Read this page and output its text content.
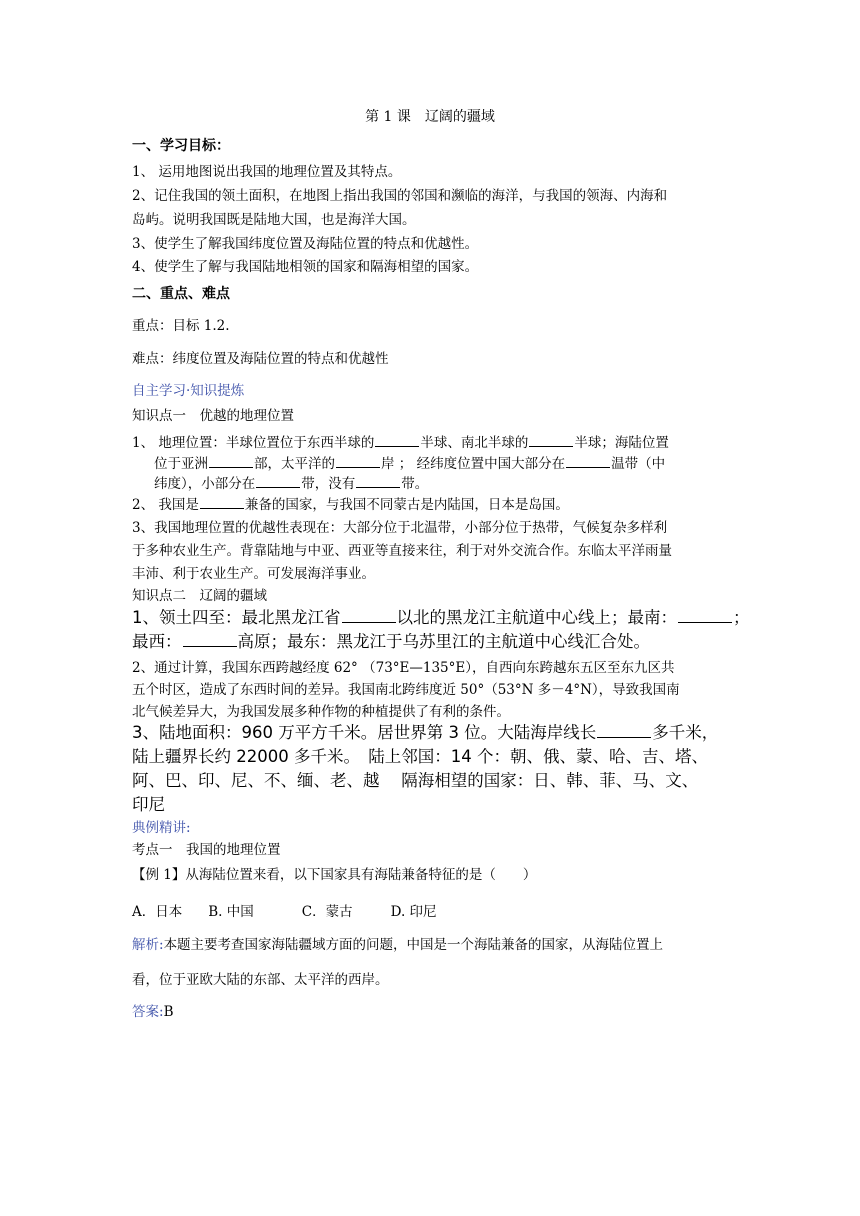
第 1 课　辽阔的疆域
一、学习目标：
1、 运用地图说出我国的地理位置及其特点。
2、记住我国的领土面积，在地图上指出我国的邻国和濒临的海洋，与我国的领海、内海和
岛屿。说明我国既是陆地大国，也是海洋大国。
3、使学生了解我国纬度位置及海陆位置的特点和优越性。
4、使学生了解与我国陆地相领的国家和隔海相望的国家。
二、重点、难点
重点：目标 1.2.
难点：纬度位置及海陆位置的特点和优越性
自主学习·知识提炼
知识点一　优越的地理位置
1、 地理位置：半球位置位于东西半球的	半球、南北半球的	半球；海陆位置
位于亚洲	部，太平洋的	岸 ； 经纬度位置中国大部分在	温带（中
纬度），小部分在	带，没有	带。
2、 我国是	兼备的国家，与我国不同蒙古是内陆国，日本是岛国。
3、我国地理位置的优越性表现在：大部分位于北温带，小部分位于热带，气候复杂多样利
于多种农业生产。背靠陆地与中亚、西亚等直接来往，利于对外交流合作。东临太平洋雨量
丰沛、利于农业生产。可发展海洋事业。
知识点二　辽阔的疆域
1、领土四至：最北黑龙江省	以北的黑龙江主航道中心线上；最南：	；
最西：	高原；最东：黑龙江于乌苏里江的主航道中心线汇合处。
2、通过计算，我国东西跨越经度 62° （73°E—135°E），自西向东跨越东五区至东九区共
五个时区，造成了东西时间的差异。我国南北跨纬度近 50°（53°N 多－4°N），导致我国南
北气候差异大，为我国发展多种作物的种植提供了有利的条件。
3、陆地面积：960 万平方千米。居世界第 3 位。大陆海岸线长	多千米，
陆上疆界长约 22000 多千米。　陆上邻国：14 个：朝、俄、蒙、哈、吉、塔、
阿、巴、印、尼、不、缅、老、越　 隔海相望的国家：日、韩、菲、马、文、
印尼
典例精讲:
考点一　我国的地理位置
【例 1】从海陆位置来看，以下国家具有海陆兼备特征的是（　　）
A．日本 B. 中国	C．蒙古	D. 印尼
解析:本题主要考查国家海陆疆域方面的问题，中国是一个海陆兼备的国家，从海陆位置上
看，位于亚欧大陆的东部、太平洋的西岸。
答案:B
